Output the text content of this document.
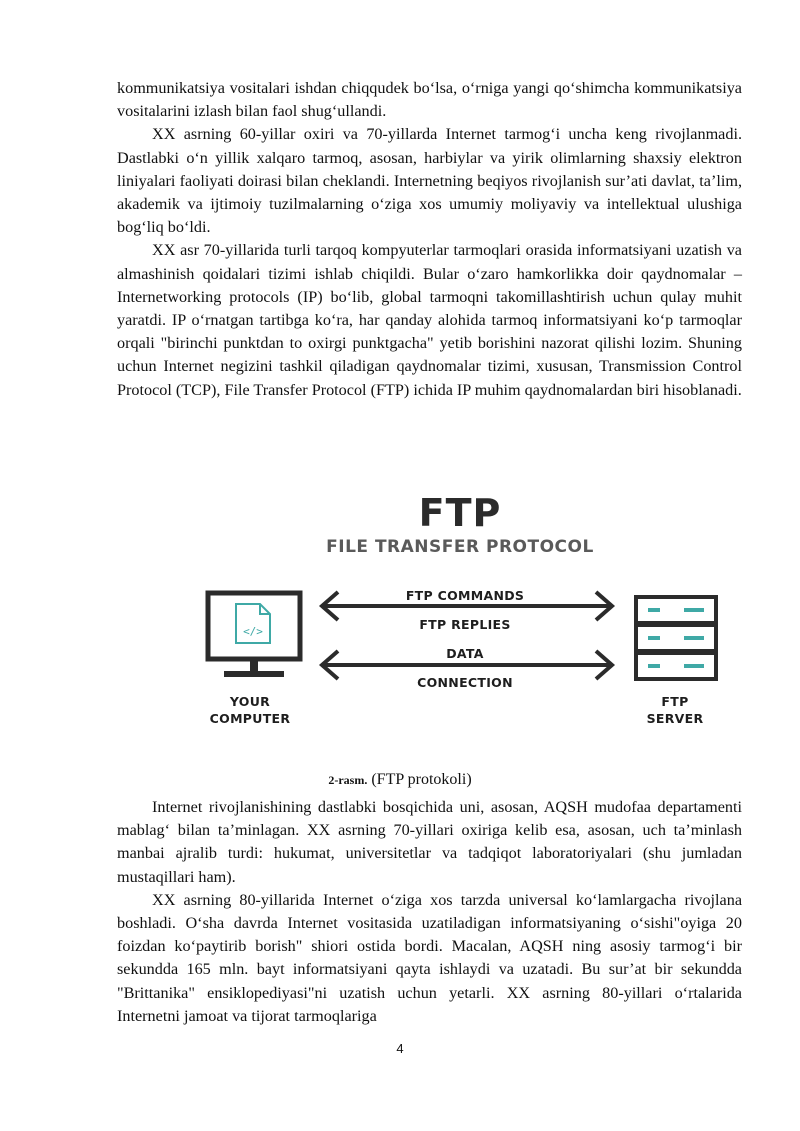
kommunikatsiya vositalari ishdan chiqqudek bo‘lsa, o‘rniga yangi qo‘shimcha kommunikatsiya vositalarini izlash bilan faol shug‘ullandi.

XX asrning 60-yillar oxiri va 70-yillarda Internet tarmog‘i uncha keng rivojlanmadi. Dastlabki o‘n yillik xalqaro tarmoq, asosan, harbiylar va yirik olimlarning shaxsiy elektron liniyalari faoliyati doirasi bilan cheklandi. Internetning beqiyos rivojlanish sur’ati davlat, ta’lim, akademik va ijtimoiy tuzilmalarning o‘ziga xos umumiy moliyaviy va intellektual ulushiga bog‘liq bo‘ldi.

XX asr 70-yillarida turli tarqoq kompyuterlar tarmoqlari orasida informatsiyani uzatish va almashinish qoidalari tizimi ishlab chiqildi. Bular o‘zaro hamkorlikka doir qaydnomalar – Internetworking protocols (IP) bo‘lib, global tarmoqni takomillashtirish uchun qulay muhit yaratdi. IP o‘rnatgan tartibga ko‘ra, har qanday alohida tarmoq informatsiyani ko‘p tarmoqlar orqali "birinchi punktdan to oxirgi punktgacha" yetib borishini nazorat qilishi lozim. Shuning uchun Internet negizini tashkil qiladigan qaydnomalar tizimi, xususan, Transmission Control Protocol (TCP), File Transfer Protocol (FTP) ichida IP muhim qaydnomalardan biri hisoblanadi.

FTP
FILE TRANSFER PROTOCOL
</>
FTP COMMANDS
FTP REPLIES
DATA
CONNECTION
YOUR
COMPUTER
FTP
SERVER
2-rasm. (FTP protokoli)

Internet rivojlanishining dastlabki bosqichida uni, asosan, AQSH mudofaa departamenti mablag‘ bilan ta’minlagan. XX asrning 70-yillari oxiriga kelib esa, asosan, uch ta’minlash manbai ajralib turdi: hukumat, universitetlar va tadqiqot laboratoriyalari (shu jumladan mustaqillari ham).

XX asrning 80-yillarida Internet o‘ziga xos tarzda universal ko‘lamlargacha rivojlana boshladi. O‘sha davrda Internet vositasida uzatiladigan informatsiyaning o‘sishi"oyiga 20 foizdan ko‘paytirib borish" shiori ostida bordi. Macalan, AQSH ning asosiy tarmog‘i bir sekundda 165 mln. bayt informatsiyani qayta ishlaydi va uzatadi. Bu sur’at bir sekundda "Brittanika" ensiklopediyasi"ni uzatish uchun yetarli. XX asrning 80-yillari o‘rtalarida Internetni jamoat va tijorat tarmoqlariga

4
